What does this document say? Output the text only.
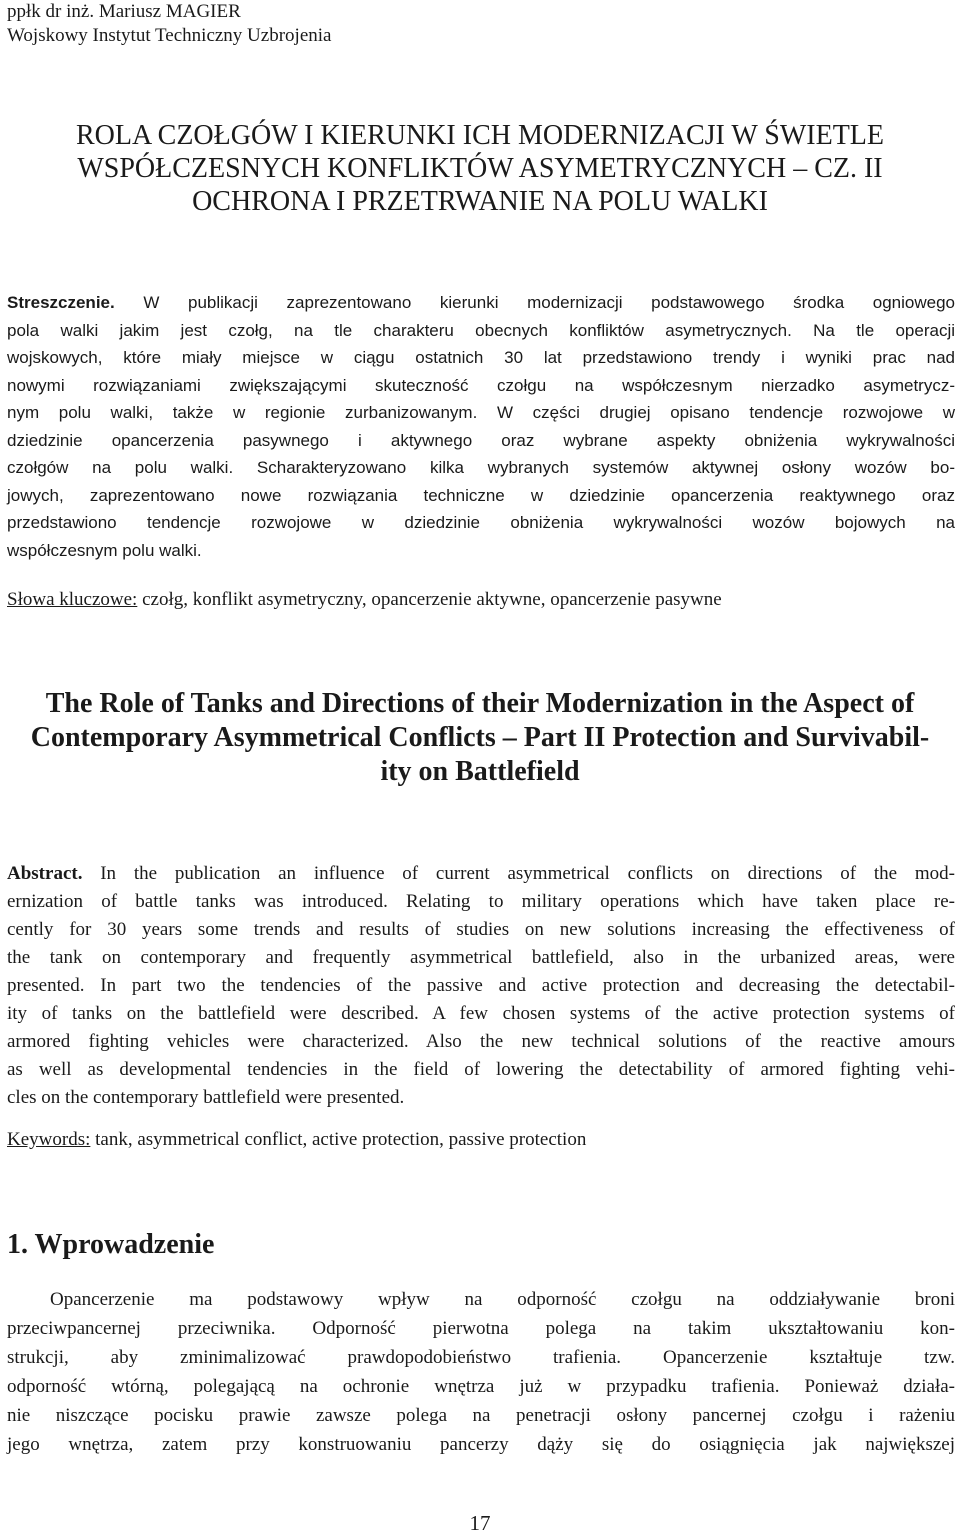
ppłk dr inż. Mariusz MAGIER
Wojskowy Instytut Techniczny Uzbrojenia
ROLA CZOŁGÓW I KIERUNKI ICH MODERNIZACJI W ŚWIETLE
WSPÓŁCZESNYCH KONFLIKTÓW ASYMETRYCZNYCH – CZ. II
OCHRONA I PRZETRWANIE NA POLU WALKI
Streszczenie. W publikacji zaprezentowano kierunki modernizacji podstawowego środka ogniowego
pola walki jakim jest czołg, na tle charakteru obecnych konfliktów asymetrycznych. Na tle operacji
wojskowych, które miały miejsce w ciągu ostatnich 30 lat przedstawiono trendy i wyniki prac nad
nowymi rozwiązaniami zwiększającymi skuteczność czołgu na współczesnym nierzadko asymetrycz-
nym polu walki, także w regionie zurbanizowanym. W części drugiej opisano tendencje rozwojowe w
dziedzinie opancerzenia pasywnego i aktywnego oraz wybrane aspekty obniżenia wykrywalności
czołgów na polu walki. Scharakteryzowano kilka wybranych systemów aktywnej osłony wozów bo-
jowych, zaprezentowano nowe rozwiązania techniczne w dziedzinie opancerzenia reaktywnego oraz
przedstawiono tendencje rozwojowe w dziedzinie obniżenia wykrywalności wozów bojowych na
współczesnym polu walki.
Słowa kluczowe: czołg, konflikt asymetryczny, opancerzenie aktywne, opancerzenie pasywne
The Role of Tanks and Directions of their Modernization in the Aspect of
Contemporary Asymmetrical Conflicts – Part II Protection and Survivabil-
ity on Battlefield
Abstract. In the publication an influence of current asymmetrical conflicts on directions of the mod-
ernization of battle tanks was introduced. Relating to military operations which have taken place re-
cently for 30 years some trends and results of studies on new solutions increasing the effectiveness of
the tank on contemporary and frequently asymmetrical battlefield, also in the urbanized areas, were
presented. In part two the tendencies of the passive and active protection and decreasing the detectabil-
ity of tanks on the battlefield were described. A few chosen systems of the active protection systems of
armored fighting vehicles were characterized. Also the new technical solutions of the reactive amours
as well as developmental tendencies in the field of lowering the detectability of armored fighting vehi-
cles on the contemporary battlefield were presented.
Keywords: tank, asymmetrical conflict, active protection, passive protection
1. Wprowadzenie
Opancerzenie ma podstawowy wpływ na odporność czołgu na oddziaływanie broni
przeciwpancernej przeciwnika. Odporność pierwotna polega na takim ukształtowaniu kon-
strukcji, aby zminimalizować prawdopodobieństwo trafienia. Opancerzenie kształtuje tzw.
odporność wtórną, polegającą na ochronie wnętrza już w przypadku trafienia. Ponieważ działa-
nie niszczące pocisku prawie zawsze polega na penetracji osłony pancernej czołgu i rażeniu
jego wnętrza, zatem przy konstruowaniu pancerzy dąży się do osiągnięcia jak największej
17
